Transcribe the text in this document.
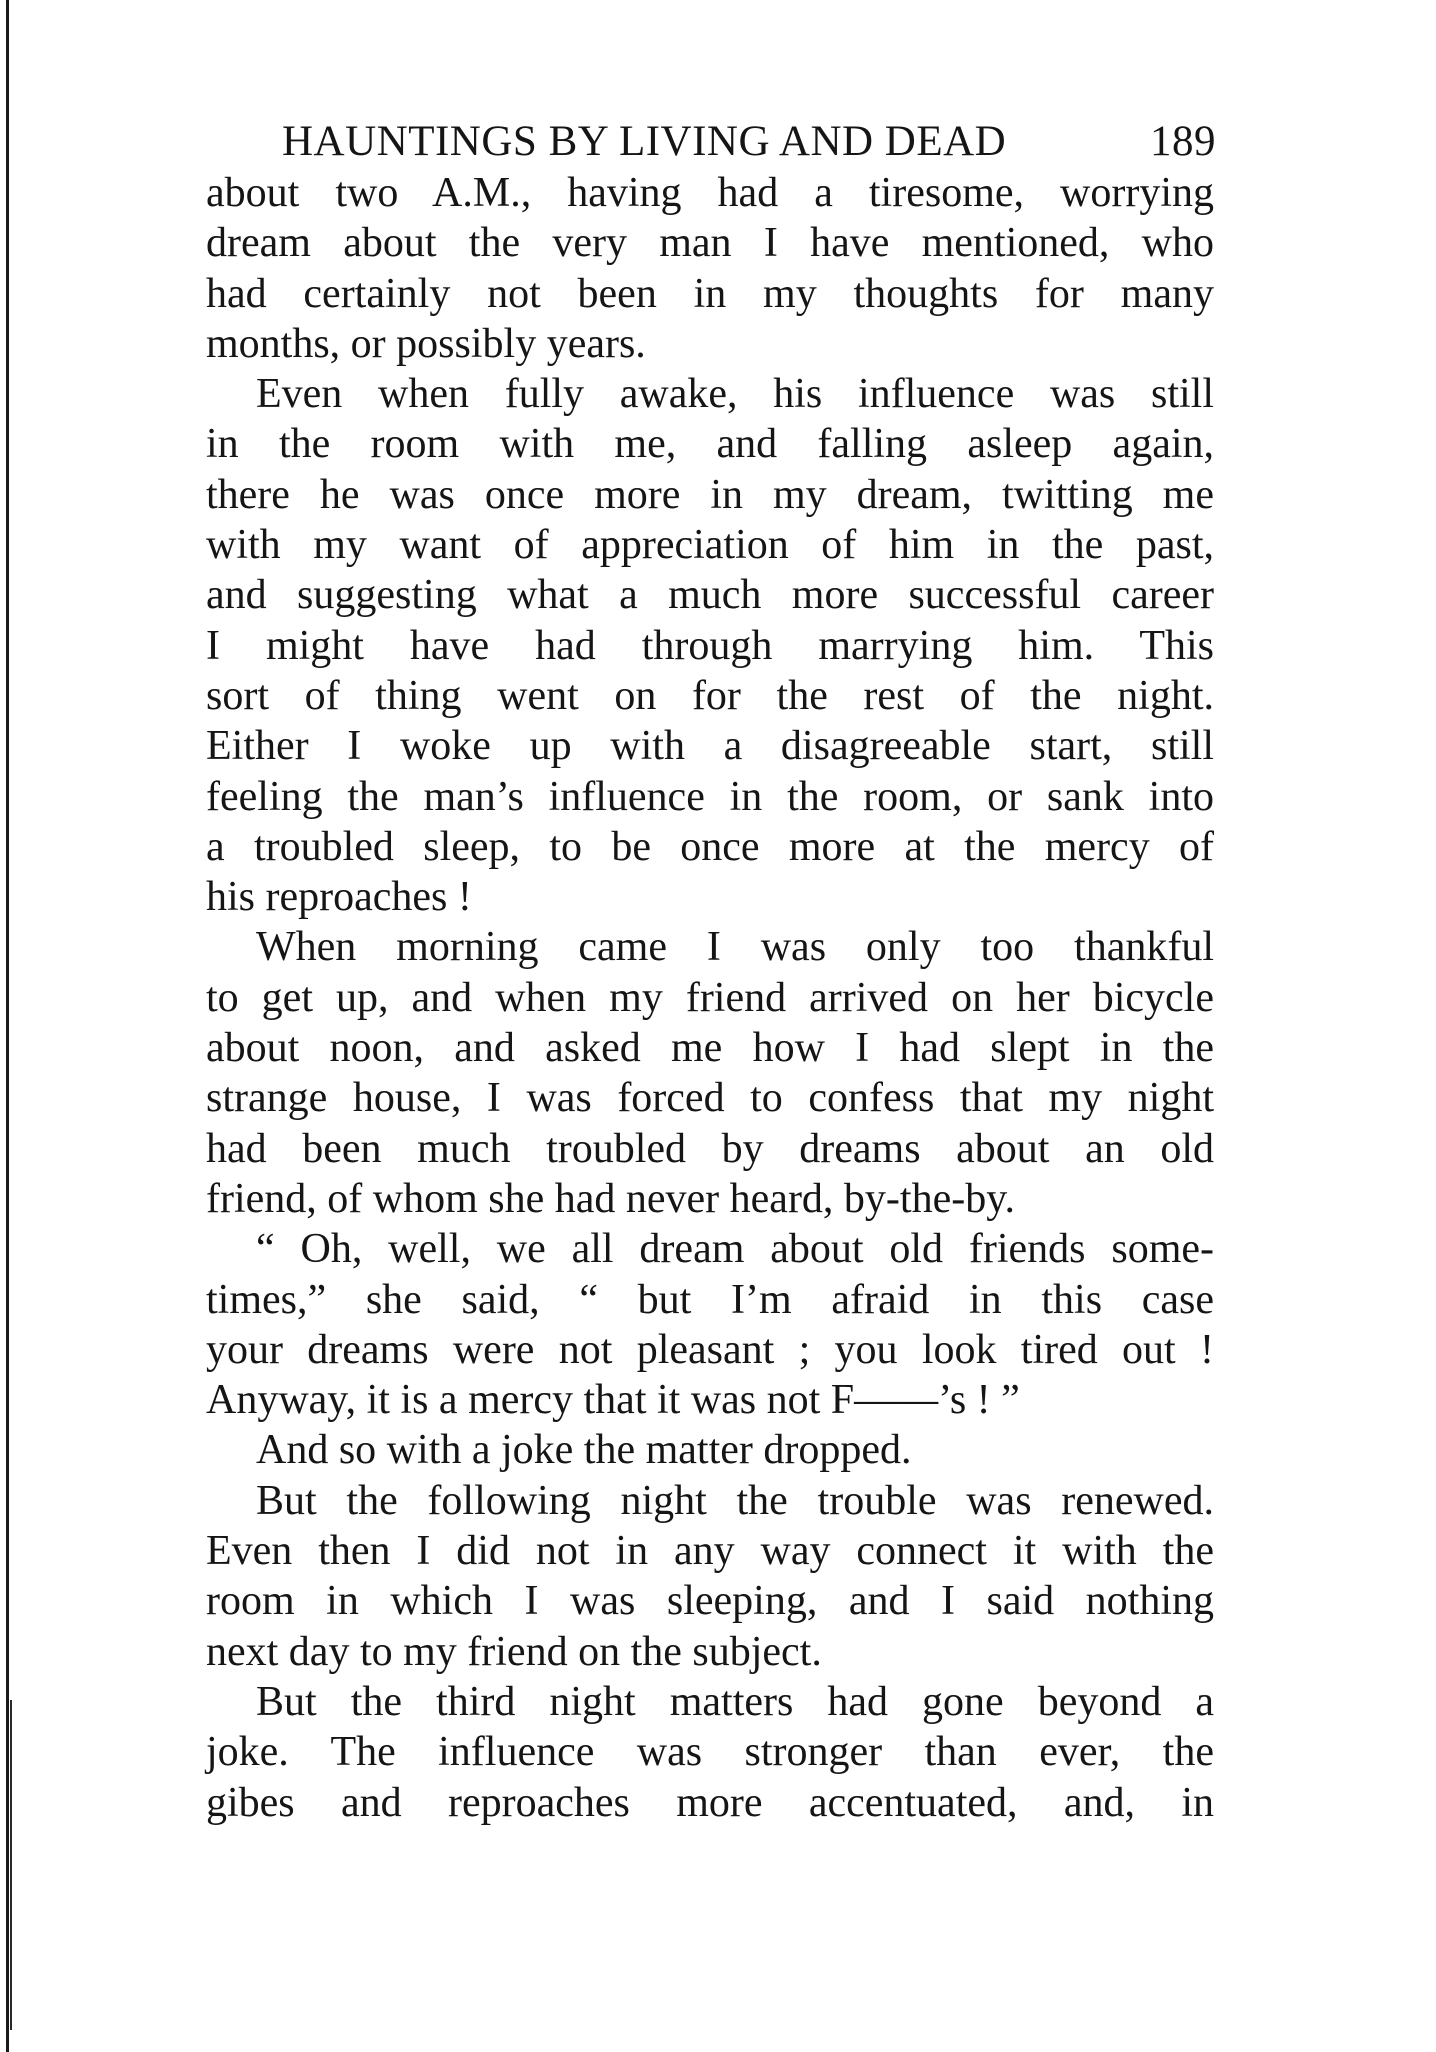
HAUNTINGS BY LIVING AND DEAD	189
about two A.M., having had a tiresome, worrying
dream about the very man I have mentioned, who
had certainly not been in my thoughts for many
months, or possibly years.
Even when fully awake, his influence was still
in the room with me, and falling asleep again,
there he was once more in my dream, twitting me
with my want of appreciation of him in the past,
and suggesting what a much more successful career
I might have had through marrying him. This
sort of thing went on for the rest of the night.
Either I woke up with a disagreeable start, still
feeling the man’s influence in the room, or sank into
a troubled sleep, to be once more at the mercy of
his reproaches !
When morning came I was only too thankful
to get up, and when my friend arrived on her bicycle
about noon, and asked me how I had slept in the
strange house, I was forced to confess that my night
had been much troubled by dreams about an old
friend, of whom she had never heard, by-the-by.
“ Oh, well, we all dream about old friends some-
times,” she said, “ but I’m afraid in this case
your dreams were not pleasant ; you look tired out !
Anyway, it is a mercy that it was not F——’s ! ”
And so with a joke the matter dropped.
But the following night the trouble was renewed.
Even then I did not in any way connect it with the
room in which I was sleeping, and I said nothing
next day to my friend on the subject.
But the third night matters had gone beyond a
joke. The influence was stronger than ever, the
gibes and reproaches more accentuated, and, in
